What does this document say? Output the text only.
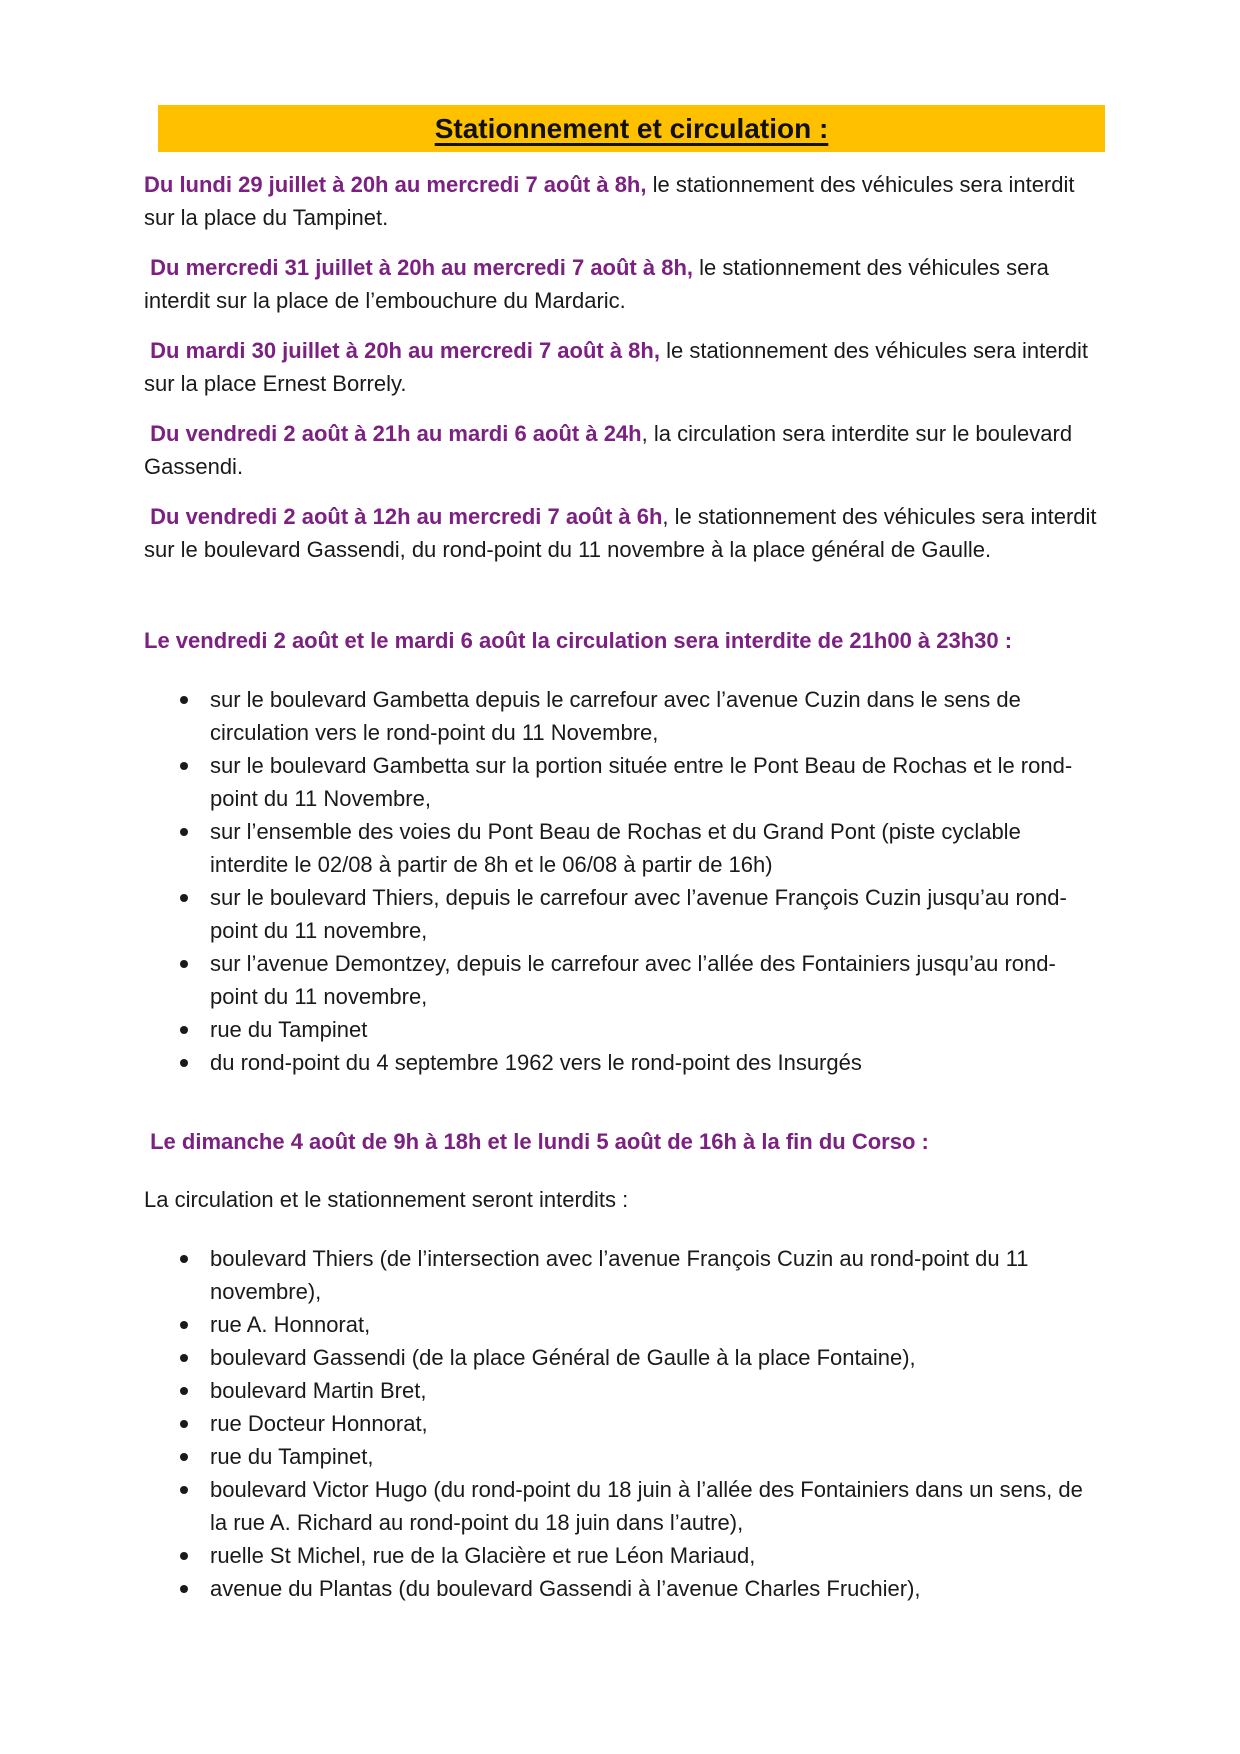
Stationnement et circulation :

Du lundi 29 juillet à 20h au mercredi 7 août à 8h, le stationnement des véhicules sera interdit sur la place du Tampinet.

Du mercredi 31 juillet à 20h au mercredi 7 août à 8h, le stationnement des véhicules sera interdit sur la place de l’embouchure du Mardaric.

Du mardi 30 juillet à 20h au mercredi 7 août à 8h, le stationnement des véhicules sera interdit sur la place Ernest Borrely.

Du vendredi 2 août à 21h au mardi 6 août à 24h, la circulation sera interdite sur le boulevard Gassendi.

Du vendredi 2 août à 12h au mercredi 7 août à 6h, le stationnement des véhicules sera interdit sur le boulevard Gassendi, du rond-point du 11 novembre à la place général de Gaulle.

Le vendredi 2 août et le mardi 6 août la circulation sera interdite de 21h00 à 23h30 :

sur le boulevard Gambetta depuis le carrefour avec l’avenue Cuzin dans le sens de circulation vers le rond-point du 11 Novembre,
sur le boulevard Gambetta sur la portion située entre le Pont Beau de Rochas et le rond-point du 11 Novembre,
sur l’ensemble des voies du Pont Beau de Rochas et du Grand Pont (piste cyclable interdite le 02/08 à partir de 8h et le 06/08 à partir de 16h)
sur le boulevard Thiers, depuis le carrefour avec l’avenue François Cuzin jusqu’au rond-point du 11 novembre,
sur l’avenue Demontzey, depuis le carrefour avec l’allée des Fontainiers jusqu’au rond-point du 11 novembre,
rue du Tampinet
du rond-point du 4 septembre 1962 vers le rond-point des Insurgés

Le dimanche 4 août de 9h à 18h et le lundi 5 août de 16h à la fin du Corso :

La circulation et le stationnement seront interdits :

boulevard Thiers (de l’intersection avec l’avenue François Cuzin au rond-point du 11 novembre),
rue A. Honnorat,
boulevard Gassendi (de la place Général de Gaulle à la place Fontaine),
boulevard Martin Bret,
rue Docteur Honnorat,
rue du Tampinet,
boulevard Victor Hugo (du rond-point du 18 juin à l’allée des Fontainiers dans un sens, de la rue A. Richard au rond-point du 18 juin dans l’autre),
ruelle St Michel, rue de la Glacière et rue Léon Mariaud,
avenue du Plantas (du boulevard Gassendi à l’avenue Charles Fruchier),
